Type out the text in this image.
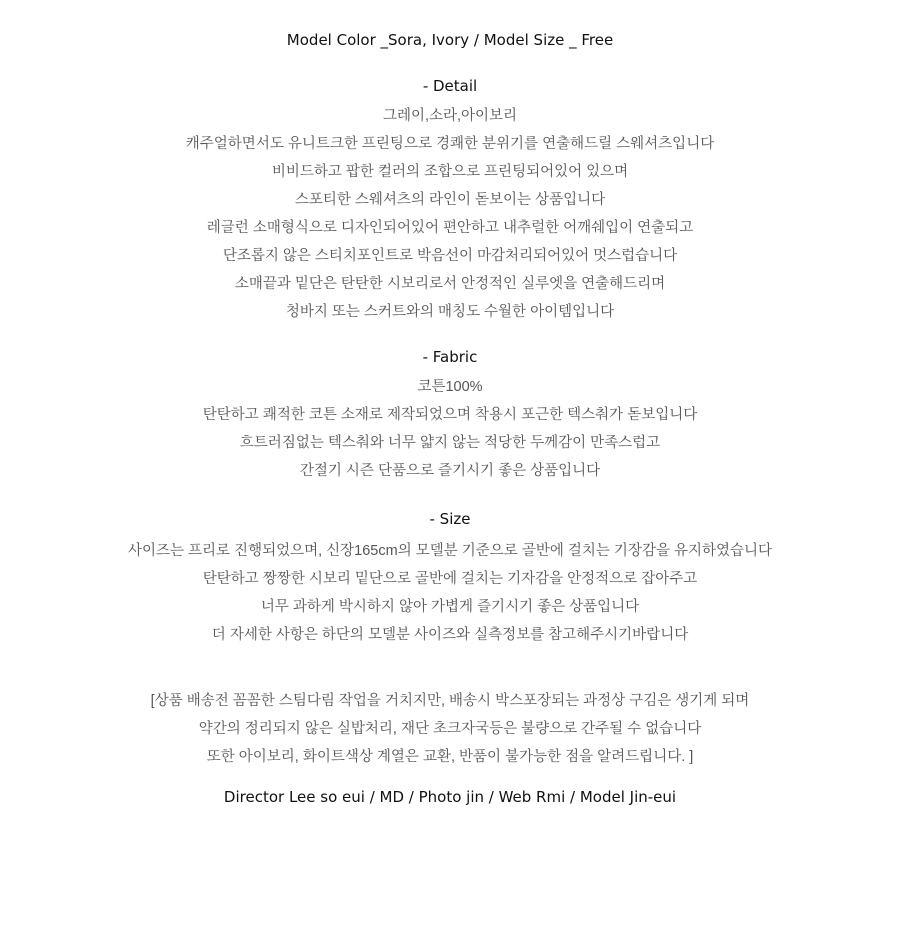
Model Color _Sora, Ivory / Model Size _ Free

- Detail

그레이,소라,아이보리

캐주얼하면서도 유니트크한 프린팅으로 경쾌한 분위기를 연출해드릴 스웨셔츠입니다

비비드하고 팝한 컬러의 조합으로 프린팅되어있어 있으며

스포티한 스웨셔츠의 라인이 돋보이는 상품입니다

레글런 소매형식으로 디자인되어있어 편안하고 내추럴한 어깨쉐입이 연출되고

단조롭지 않은 스티치포인트로 박음선이 마감처리되어있어 멋스럽습니다

소매끝과 밑단은 탄탄한 시보리로서 안정적인 실루엣을 연출해드리며

청바지 또는 스커트와의 매칭도 수월한 아이템입니다

- Fabric

코튼100%

탄탄하고 쾌적한 코튼 소재로 제작되었으며 착용시 포근한 텍스춰가 돋보입니다

흐트러짐없는 텍스춰와 너무 얇지 않는 적당한 두께감이 만족스럽고

간절기 시즌 단품으로 즐기시기 좋은 상품입니다

- Size

사이즈는 프리로 진행되었으며, 신장165cm의 모델분 기준으로 골반에 걸치는 기장감을 유지하였습니다

탄탄하고 짱짱한 시보리 밑단으로 골반에 걸치는 기자감을 안정적으로 잡아주고

너무 과하게 박시하지 않아 가볍게 즐기시기 좋은 상품입니다

더 자세한 사항은 하단의 모델분 사이즈와 실측정보를 참고해주시기바랍니다

[상품 배송전 꼼꼼한 스팀다림 작업을 거치지만, 배송시 박스포장되는 과정상 구김은 생기게 되며

약간의 정리되지 않은 실밥처리, 재단 초크자국등은 불량으로 간주될 수 없습니다

또한 아이보리, 화이트색상 계열은 교환, 반품이 불가능한 점을 알려드립니다. ]

Director Lee so eui / MD / Photo jin / Web Rmi / Model Jin-eui
